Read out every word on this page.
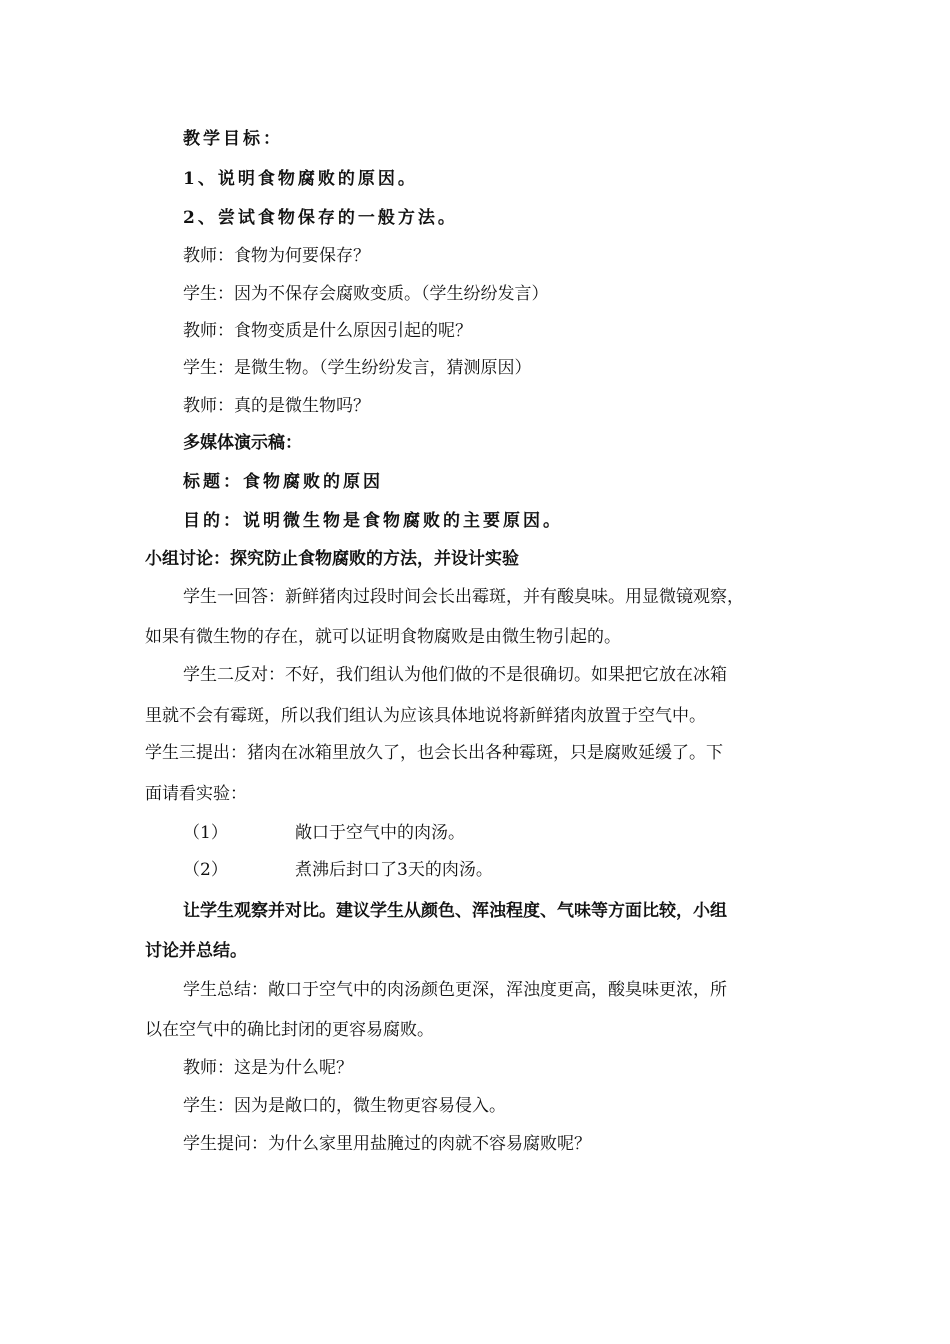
教学目标：
1、说明食物腐败的原因。
2、尝试食物保存的一般方法。
教师：食物为何要保存？
学生：因为不保存会腐败变质。（学生纷纷发言）
教师：食物变质是什么原因引起的呢？
学生：是微生物。（学生纷纷发言，猜测原因）
教师：真的是微生物吗？
多媒体演示稿：
标题：食物腐败的原因
目的：说明微生物是食物腐败的主要原因。
小组讨论：探究防止食物腐败的方法，并设计实验
学生一回答：新鲜猪肉过段时间会长出霉斑，并有酸臭味。用显微镜观察，
如果有微生物的存在，就可以证明食物腐败是由微生物引起的。
学生二反对：不好，我们组认为他们做的不是很确切。如果把它放在冰箱
里就不会有霉斑，所以我们组认为应该具体地说将新鲜猪肉放置于空气中。
学生三提出：猪肉在冰箱里放久了，也会长出各种霉斑，只是腐败延缓了。下
面请看实验：
（1）	敞口于空气中的肉汤。
（2）	煮沸后封口了3天的肉汤。
让学生观察并对比。建议学生从颜色、浑浊程度、气味等方面比较，小组
讨论并总结。
学生总结：敞口于空气中的肉汤颜色更深，浑浊度更高，酸臭味更浓，所
以在空气中的确比封闭的更容易腐败。
教师：这是为什么呢？
学生：因为是敞口的，微生物更容易侵入。
学生提问：为什么家里用盐腌过的肉就不容易腐败呢？
